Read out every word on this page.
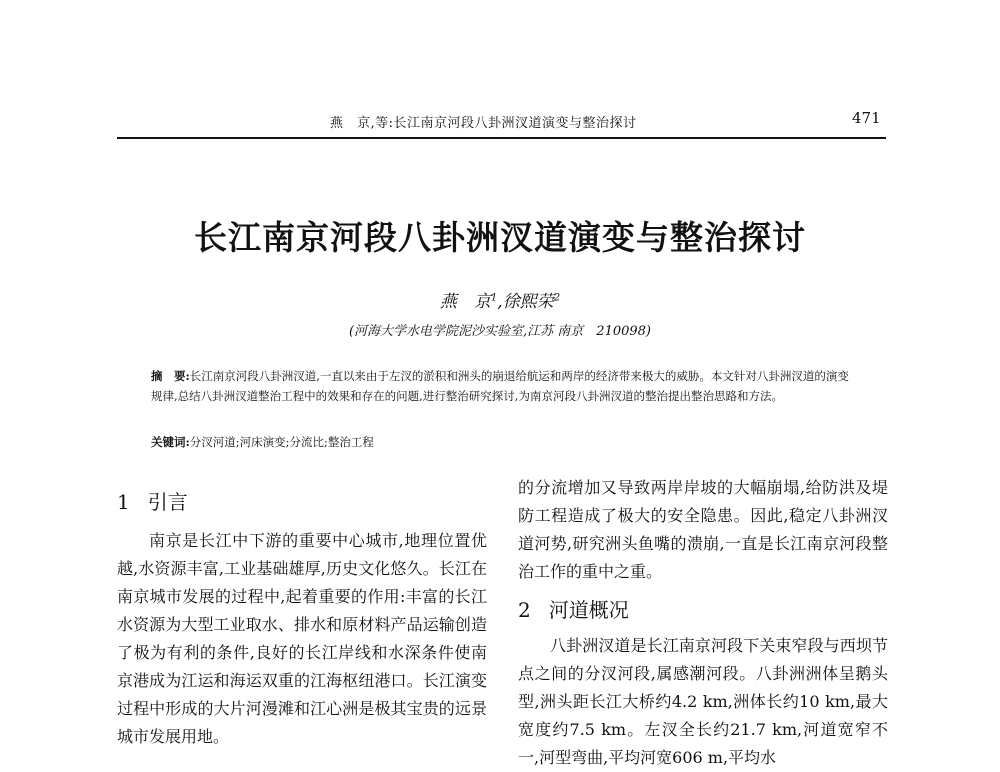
燕　京,等:长江南京河段八卦洲汊道演变与整治探讨	471
长江南京河段八卦洲汊道演变与整治探讨
燕　京$^1$,徐熙荣$^2$
(河海大学水电学院泥沙实验室,江苏 南京　210098)
摘　要:长江南京河段八卦洲汊道,一直以来由于左汊的淤积和洲头的崩退给航运和两岸的经济带来极大的威胁。本文针对八卦洲汊道的演变规律,总结八卦洲汊道整治工程中的效果和存在的问题,进行整治研究探讨,为南京河段八卦洲汊道的整治提出整治思路和方法。
关键词:分汊河道;河床演变;分流比;整治工程
1 引言

南京是长江中下游的重要中心城市,地理位置优越,水资源丰富,工业基础雄厚,历史文化悠久。长江在南京城市发展的过程中,起着重要的作用:丰富的长江水资源为大型工业取水、排水和原材料产品运输创造了极为有利的条件,良好的长江岸线和水深条件使南京港成为江运和海运双重的江海枢纽港口。长江演变过程中形成的大片河漫滩和江心洲是极其宝贵的远景城市发展用地。

的分流增加又导致两岸岸坡的大幅崩塌,给防洪及堤防工程造成了极大的安全隐患。因此,稳定八卦洲汊道河势,研究洲头鱼嘴的溃崩,一直是长江南京河段整治工作的重中之重。

2 河道概况

八卦洲汊道是长江南京河段下关束窄段与西坝节点之间的分汊河段,属感潮河段。八卦洲洲体呈鹅头型,洲头距长江大桥约4.2 km,洲体长约10 km,最大宽度约7.5 km。左汊全长约21.7 km,河道宽窄不一,河型弯曲,平均河宽606 m,平均水
